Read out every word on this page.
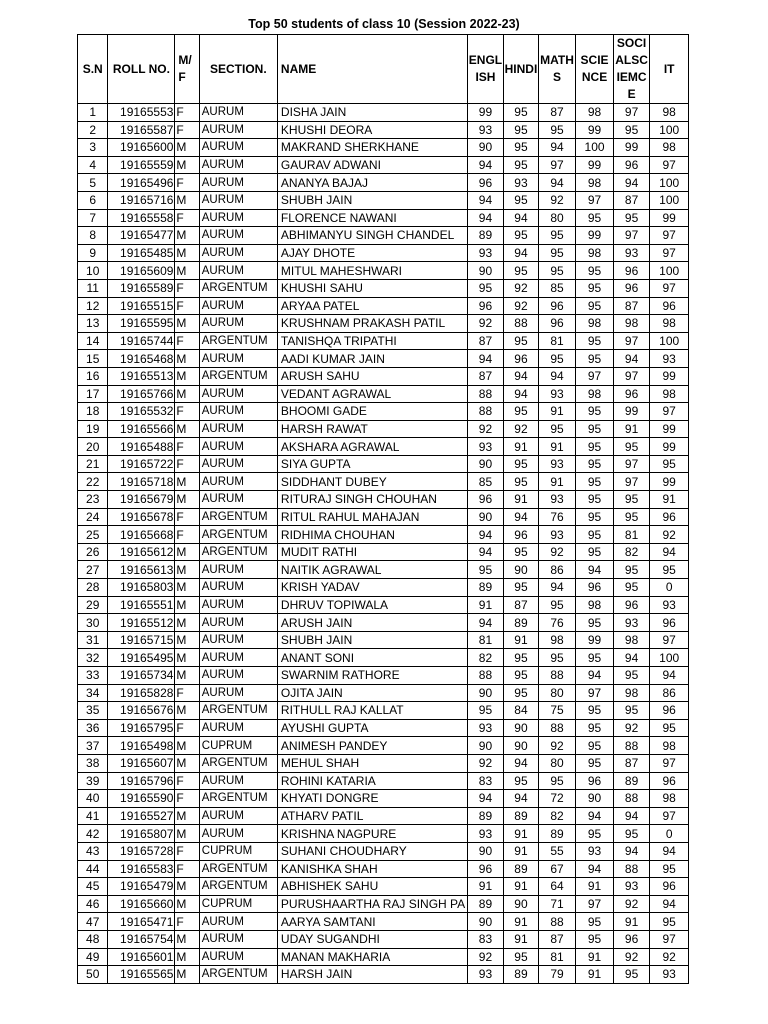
Top 50 students of class 10 (Session 2022-23)
S.N	ROLL NO.	M/F	SECTION.	NAME	ENGLISH	HINDI	MATHS	SCIENCE	SOCIALSCIEMCE	IT
1	19165553	F	AURUM	DISHA JAIN	99	95	87	98	97	98
2	19165587	F	AURUM	KHUSHI DEORA	93	95	95	99	95	100
3	19165600	M	AURUM	MAKRAND SHERKHANE	90	95	94	100	99	98
4	19165559	M	AURUM	GAURAV ADWANI	94	95	97	99	96	97
5	19165496	F	AURUM	ANANYA BAJAJ	96	93	94	98	94	100
6	19165716	M	AURUM	SHUBH JAIN	94	95	92	97	87	100
7	19165558	F	AURUM	FLORENCE NAWANI	94	94	80	95	95	99
8	19165477	M	AURUM	ABHIMANYU SINGH CHANDEL	89	95	95	99	97	97
9	19165485	M	AURUM	AJAY DHOTE	93	94	95	98	93	97
10	19165609	M	AURUM	MITUL MAHESHWARI	90	95	95	95	96	100
11	19165589	F	ARGENTUM	KHUSHI SAHU	95	92	85	95	96	97
12	19165515	F	AURUM	ARYAA PATEL	96	92	96	95	87	96
13	19165595	M	AURUM	KRUSHNAM PRAKASH PATIL	92	88	96	98	98	98
14	19165744	F	ARGENTUM	TANISHQA TRIPATHI	87	95	81	95	97	100
15	19165468	M	AURUM	AADI KUMAR JAIN	94	96	95	95	94	93
16	19165513	M	ARGENTUM	ARUSH SAHU	87	94	94	97	97	99
17	19165766	M	AURUM	VEDANT AGRAWAL	88	94	93	98	96	98
18	19165532	F	AURUM	BHOOMI GADE	88	95	91	95	99	97
19	19165566	M	AURUM	HARSH RAWAT	92	92	95	95	91	99
20	19165488	F	AURUM	AKSHARA AGRAWAL	93	91	91	95	95	99
21	19165722	F	AURUM	SIYA GUPTA	90	95	93	95	97	95
22	19165718	M	AURUM	SIDDHANT DUBEY	85	95	91	95	97	99
23	19165679	M	AURUM	RITURAJ SINGH CHOUHAN	96	91	93	95	95	91
24	19165678	F	ARGENTUM	RITUL RAHUL MAHAJAN	90	94	76	95	95	96
25	19165668	F	ARGENTUM	RIDHIMA CHOUHAN	94	96	93	95	81	92
26	19165612	M	ARGENTUM	MUDIT RATHI	94	95	92	95	82	94
27	19165613	M	AURUM	NAITIK AGRAWAL	95	90	86	94	95	95
28	19165803	M	AURUM	KRISH YADAV	89	95	94	96	95	0
29	19165551	M	AURUM	DHRUV TOPIWALA	91	87	95	98	96	93
30	19165512	M	AURUM	ARUSH JAIN	94	89	76	95	93	96
31	19165715	M	AURUM	SHUBH JAIN	81	91	98	99	98	97
32	19165495	M	AURUM	ANANT SONI	82	95	95	95	94	100
33	19165734	M	AURUM	SWARNIM RATHORE	88	95	88	94	95	94
34	19165828	F	AURUM	OJITA JAIN	90	95	80	97	98	86
35	19165676	M	ARGENTUM	RITHULL RAJ KALLAT	95	84	75	95	95	96
36	19165795	F	AURUM	AYUSHI GUPTA	93	90	88	95	92	95
37	19165498	M	CUPRUM	ANIMESH PANDEY	90	90	92	95	88	98
38	19165607	M	ARGENTUM	MEHUL SHAH	92	94	80	95	87	97
39	19165796	F	AURUM	ROHINI KATARIA	83	95	95	96	89	96
40	19165590	F	ARGENTUM	KHYATI DONGRE	94	94	72	90	88	98
41	19165527	M	AURUM	ATHARV PATIL	89	89	82	94	94	97
42	19165807	M	AURUM	KRISHNA NAGPURE	93	91	89	95	95	0
43	19165728	F	CUPRUM	SUHANI CHOUDHARY	90	91	55	93	94	94
44	19165583	F	ARGENTUM	KANISHKA SHAH	96	89	67	94	88	95
45	19165479	M	ARGENTUM	ABHISHEK SAHU	91	91	64	91	93	96
46	19165660	M	CUPRUM	PURUSHAARTHA RAJ SINGH PA	89	90	71	97	92	94
47	19165471	F	AURUM	AARYA SAMTANI	90	91	88	95	91	95
48	19165754	M	AURUM	UDAY SUGANDHI	83	91	87	95	96	97
49	19165601	M	AURUM	MANAN MAKHARIA	92	95	81	91	92	92
50	19165565	M	ARGENTUM	HARSH JAIN	93	89	79	91	95	93
